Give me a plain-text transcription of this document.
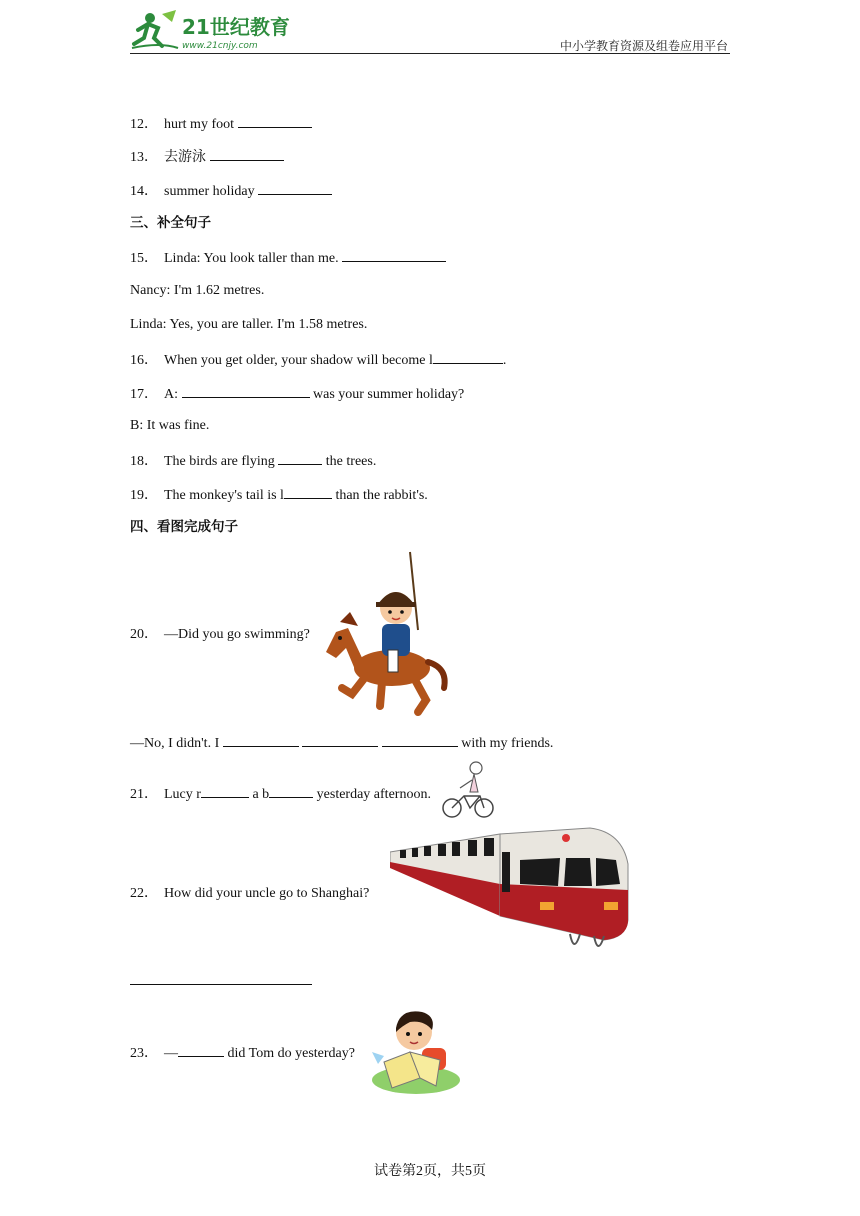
21世纪教育
www.21cnjy.com	中小学教育资源及组卷应用平台
12． hurt my foot
13． 去游泳
14． summer holiday
三、补全句子
15． Linda: You look taller than me.
Nancy: I'm 1.62 metres.
Linda: Yes, you are taller. I'm 1.58 metres.
16． When you get older, your shadow will become l	.
17． A:	was your summer holiday?
B: It was fine.
18． The birds are flying	the trees.
19． The monkey's tail is l	than the rabbit's.
四、看图完成句子
20． —Did you go swimming?
—No, I didn't. I	with my friends.
21． Lucy r	a b	yesterday afternoon.
22． How did your uncle go to Shanghai?
23． —	did Tom do yesterday?
试卷第2页，共5页
